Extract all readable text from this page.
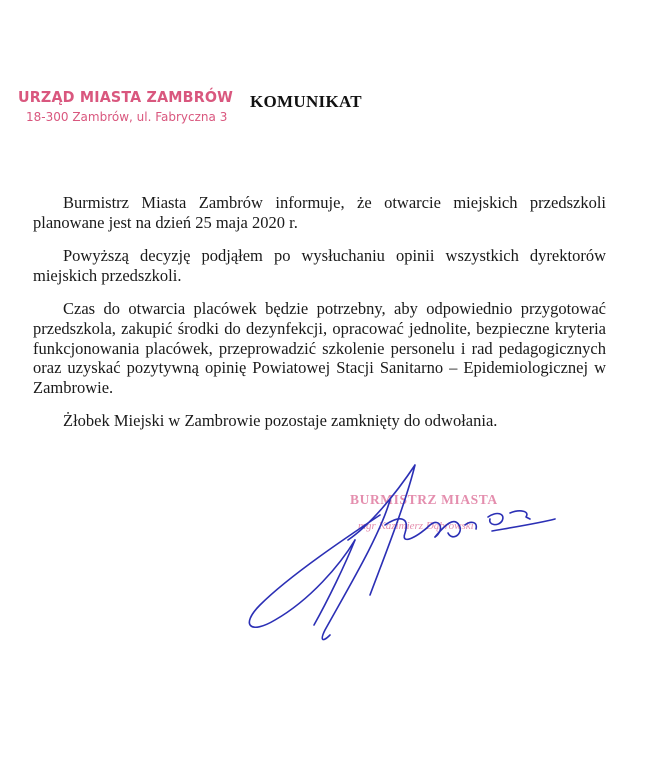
URZĄD MIASTA ZAMBRÓW
18-300 Zambrów, ul. Fabryczna 3
KOMUNIKAT

Burmistrz Miasta Zambrów informuje, że otwarcie miejskich przedszkoli planowane jest na dzień 25 maja 2020 r.

Powyższą decyzję podjąłem po wysłuchaniu opinii wszystkich dyrektorów miejskich przedszkoli.

Czas do otwarcia placówek będzie potrzebny, aby odpowiednio przygotować przedszkola, zakupić środki do dezynfekcji, opracować jednolite, bezpieczne kryteria funkcjonowania placówek, przeprowadzić szkolenie personelu i rad pedagogicznych oraz uzyskać pozytywną opinię Powiatowej Stacji Sanitarno – Epidemiologicznej w Zambrowie.

Żłobek Miejski w Zambrowie pozostaje zamknięty do odwołania.

BURMISTRZ MIASTA
mgr Kazimierz Dąbrowski
